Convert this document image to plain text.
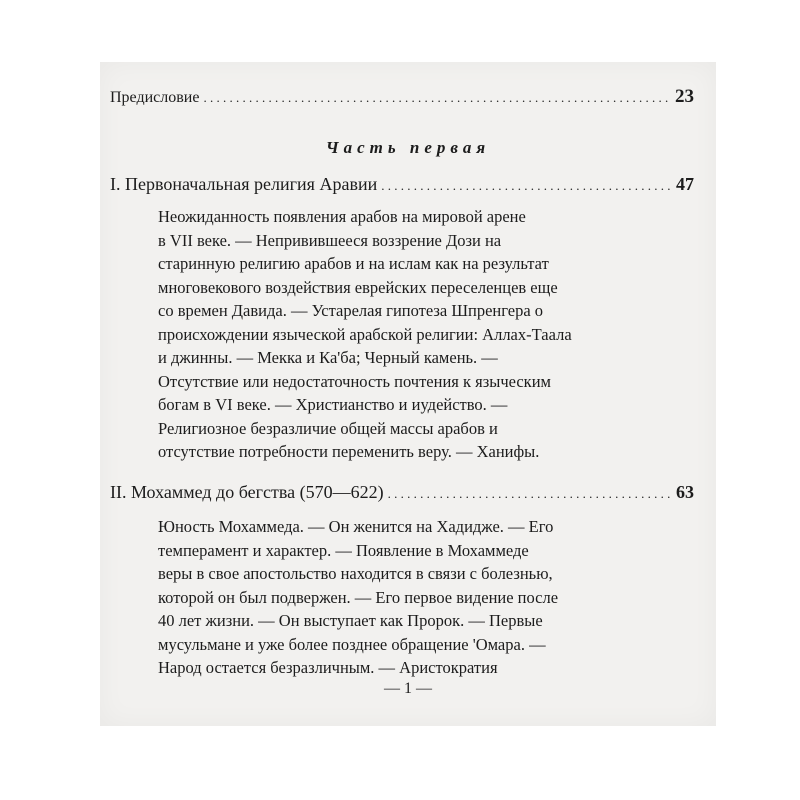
Предисловие . . .	23
Часть первая
I. Первоначальная религия Аравии . . .	47
Неожиданность появления арабов на мировой арене
в VII веке. — Непривившееся воззрение Дози на
старинную религию арабов и на ислам как на результат
многовекового воздействия еврейских переселенцев еще
со времен Давида. — Устарелая гипотеза Шпренгера о
происхождении языческой арабской религии: Аллах-Таала
и джинны. — Мекка и Ка'ба; Черный камень. —
Отсутствие или недостаточность почтения к языческим
богам в VI веке. — Христианство и иудейство. —
Религиозное безразличие общей массы арабов и
отсутствие потребности переменить веру. — Ханифы.
II. Мохаммед до бегства (570—622) . . .	63
Юность Мохаммеда. — Он женится на Хадидже. — Его
темперамент и характер. — Появление в Мохаммеде
веры в свое апостольство находится в связи с болезнью,
которой он был подвержен. — Его первое видение после
40 лет жизни. — Он выступает как Пророк. — Первые
мусульмане и уже более позднее обращение 'Омара. —
Народ остается безразличным. — Аристократия
— 1 —
